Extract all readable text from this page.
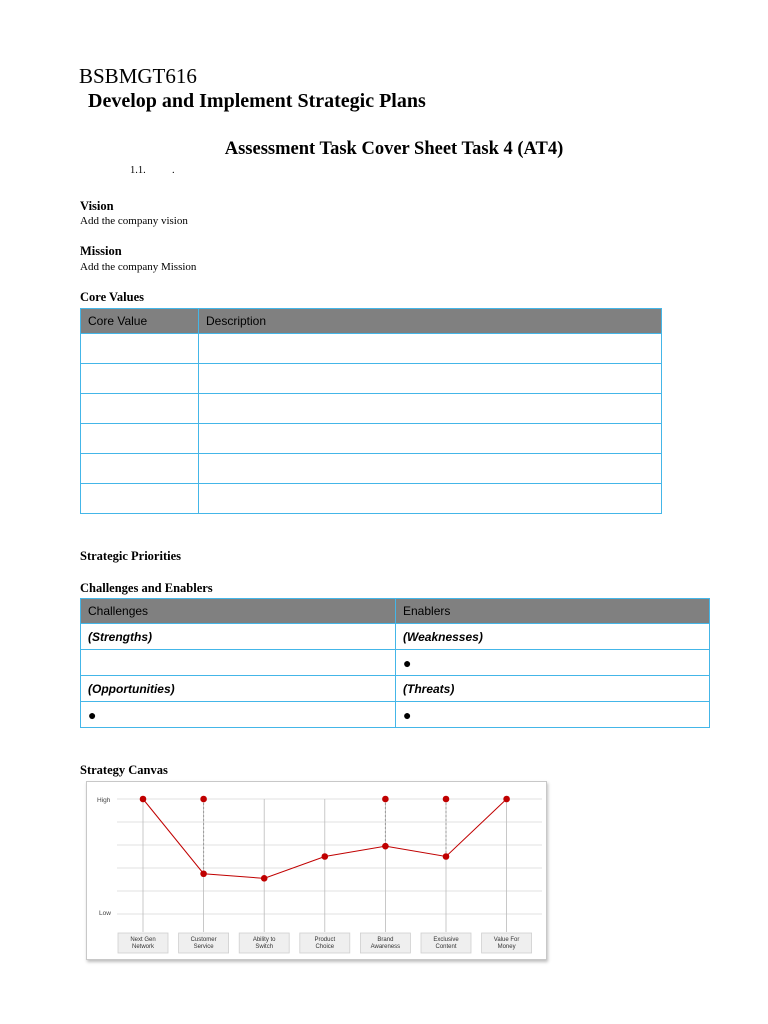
BSBMGT616
Develop and Implement Strategic Plans
Assessment Task Cover Sheet Task 4 (AT4)
1.1.	.
Vision
Add the company vision
Mission
Add the company Mission
Core Values
Core Value	Description

Strategic Priorities
Challenges and Enablers
Challenges	Enablers
(Strengths)	(Weaknesses)
	●
(Opportunities)	(Threats)
●	●
Strategy Canvas
High
Low
Next Gen
Network
Customer
Service
Ability to
Switch
Product
Choice
Brand
Awareness
Exclusive
Content
Value For
Money
